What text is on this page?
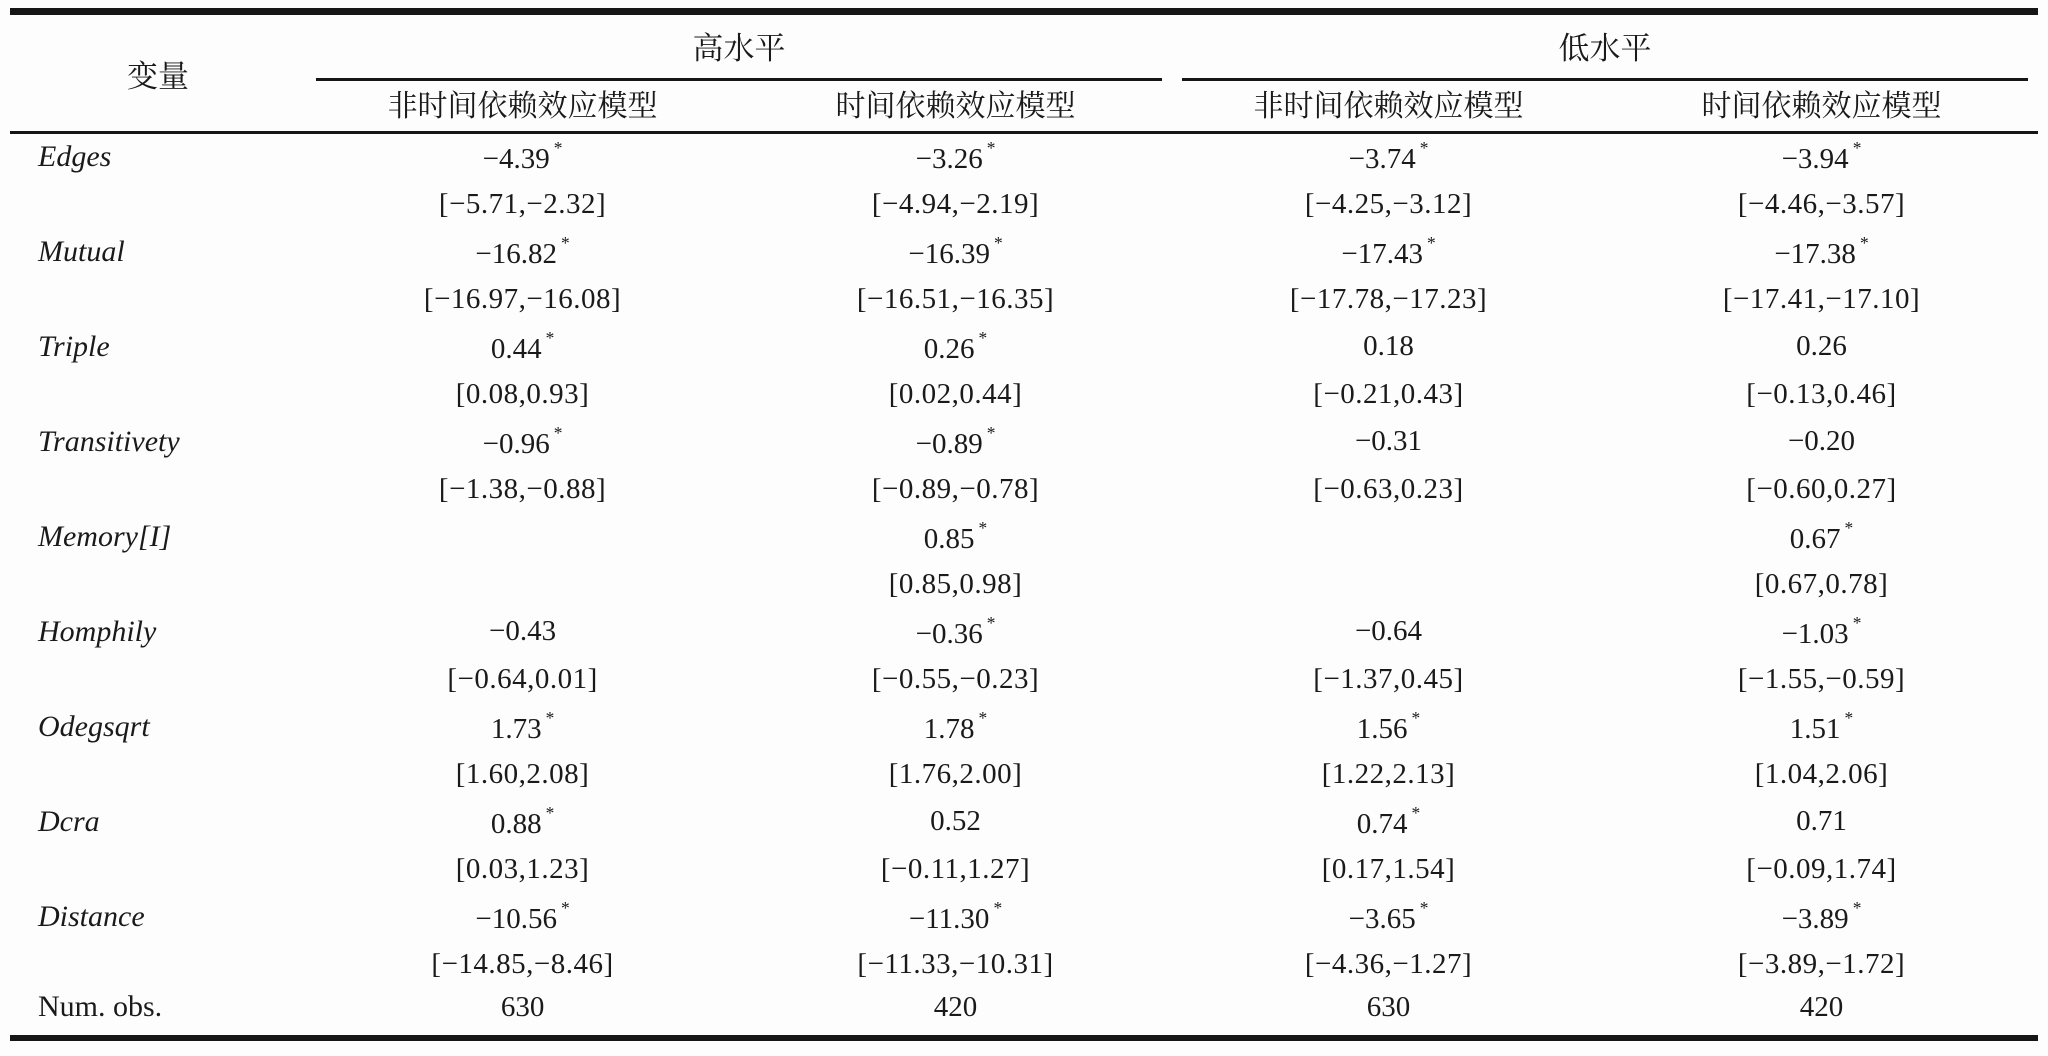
变量	高水平		低水平	

	非时间依赖效应模型	时间依赖效应模型	非时间依赖效应模型	时间依赖效应模型
Edges	−4.39 *	−3.26 *	−3.74 *	−3.94 *
	[−5.71,−2.32]	[−4.94,−2.19]	[−4.25,−3.12]	[−4.46,−3.57]
Mutual	−16.82 *	−16.39 *	−17.43 *	−17.38 *
	[−16.97,−16.08]	[−16.51,−16.35]	[−17.78,−17.23]	[−17.41,−17.10]
Triple	0.44 *	0.26 *	0.18	0.26
	[0.08,0.93]	[0.02,0.44]	[−0.21,0.43]	[−0.13,0.46]
Transitivety	−0.96 *	−0.89 *	−0.31	−0.20
	[−1.38,−0.88]	[−0.89,−0.78]	[−0.63,0.23]	[−0.60,0.27]
Memory[I]		0.85 *		0.67 *
		[0.85,0.98]		[0.67,0.78]
Homphily	−0.43	−0.36 *	−0.64	−1.03 *
	[−0.64,0.01]	[−0.55,−0.23]	[−1.37,0.45]	[−1.55,−0.59]
Odegsqrt	1.73 *	1.78 *	1.56 *	1.51 *
	[1.60,2.08]	[1.76,2.00]	[1.22,2.13]	[1.04,2.06]
Dcra	0.88 *	0.52	0.74 *	0.71
	[0.03,1.23]	[−0.11,1.27]	[0.17,1.54]	[−0.09,1.74]
Distance	−10.56 *	−11.30 *	−3.65 *	−3.89 *
	[−14.85,−8.46]	[−11.33,−10.31]	[−4.36,−1.27]	[−3.89,−1.72]
Num. obs.	630	420	630	420
